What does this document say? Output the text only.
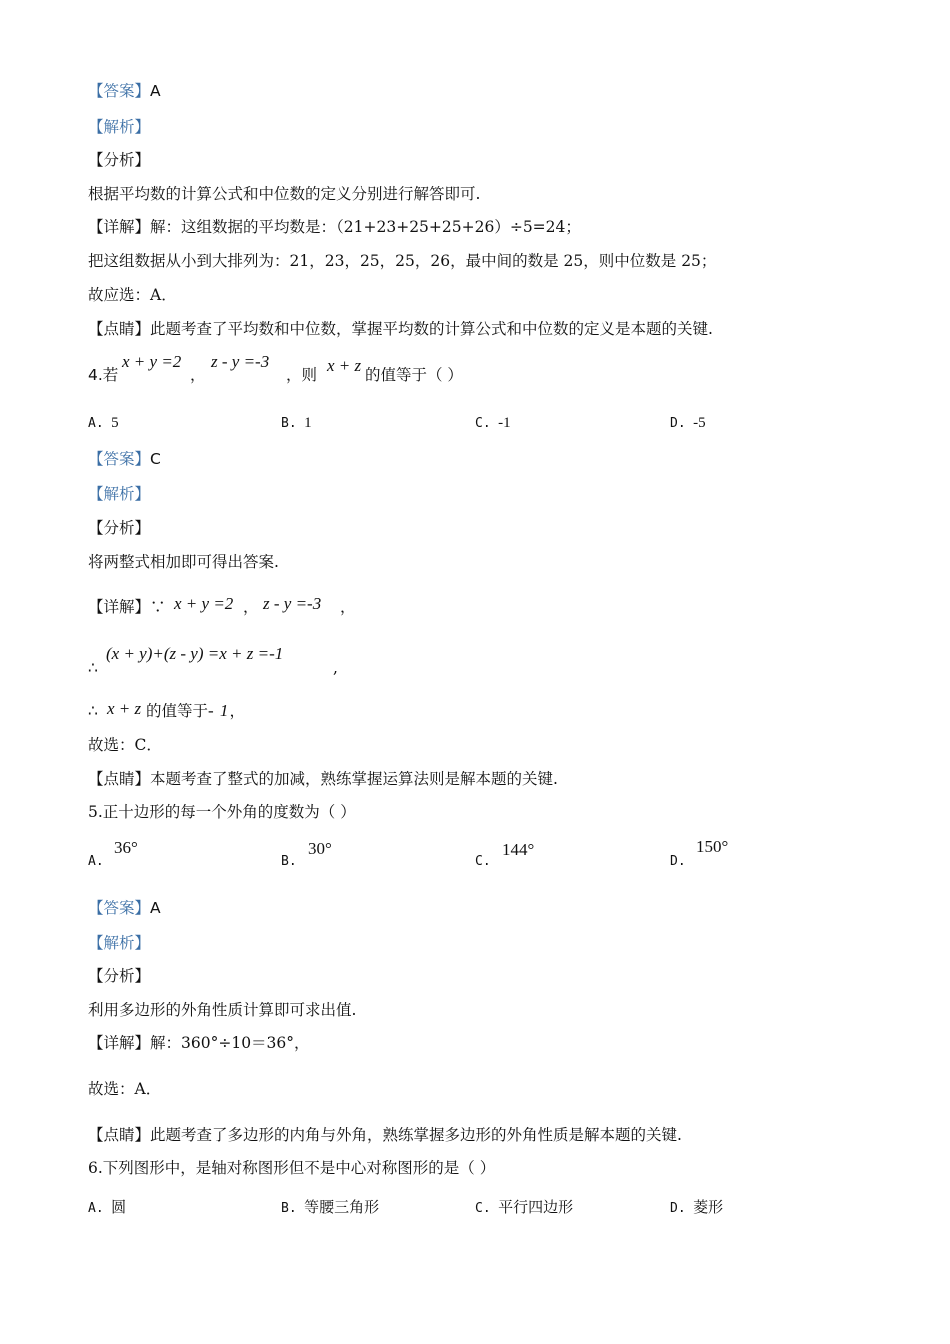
【答案】A
【解析】
【分析】
根据平均数的计算公式和中位数的定义分别进行解答即可.
【详解】解：这组数据的平均数是：（21+23+25+25+26）÷5=24；
把这组数据从小到大排列为：21，23，25，25，26，最中间的数是 25，则中位数是 25；
故应选：A．
【点睛】此题考查了平均数和中位数，掌握平均数的计算公式和中位数的定义是本题的关键.
4.若
x + y =2
，
z - y =-3
，则 x + z 的值等于（ ）
A. 5	B. 1	C. -1	D. -5
【答案】C
【解析】
【分析】
将两整式相加即可得出答案.
【详解】∵ x + y =2 ， z - y =-3 ，
∴
(x + y)+(z - y) =x + z =-1
,
∴ x + z 的值等于- 1，
故选：C．
【点睛】本题考查了整式的加减，熟练掌握运算法则是解本题的关键.
5.正十边形的每一个外角的度数为（ ）
A.
36°
B.
30°
C.
144°
D.
150°
【答案】A
【解析】
【分析】
利用多边形的外角性质计算即可求出值.
【详解】解：360°÷10＝36°，
故选：A．
【点睛】此题考查了多边形的内角与外角，熟练掌握多边形的外角性质是解本题的关键.
6.下列图形中，是轴对称图形但不是中心对称图形的是（ ）
A. 圆	B. 等腰三角形	C. 平行四边形	D. 菱形
